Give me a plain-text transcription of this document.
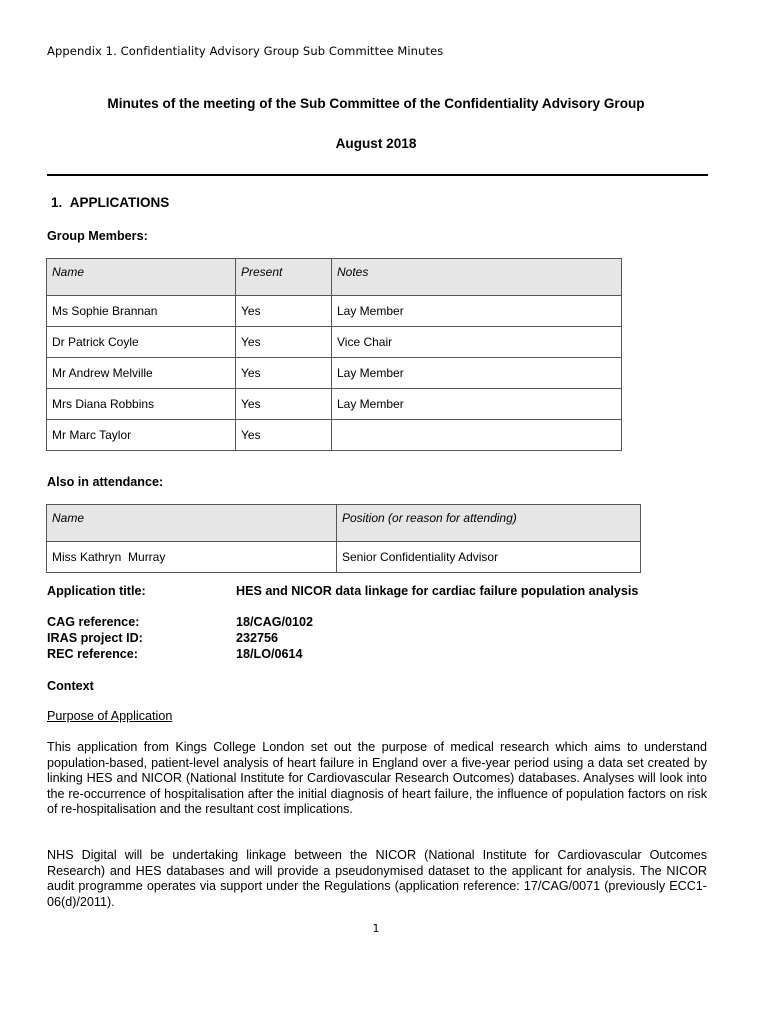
Appendix 1. Confidentiality Advisory Group Sub Committee Minutes
Minutes of the meeting of the Sub Committee of the Confidentiality Advisory Group
August 2018
1.  APPLICATIONS
Group Members:
Name	Present	Notes
Ms Sophie Brannan	Yes	Lay Member
Dr Patrick Coyle	Yes	Vice Chair
Mr Andrew Melville	Yes	Lay Member
Mrs Diana Robbins	Yes	Lay Member
Mr Marc Taylor	Yes	
Also in attendance:
Name	Position (or reason for attending)
Miss Kathryn  Murray	Senior Confidentiality Advisor
Application title:	HES and NICOR data linkage for cardiac failure population analysis
CAG reference:	18/CAG/0102
IRAS project ID:	232756
REC reference:	18/LO/0614
Context
Purpose of Application
This application from Kings College London set out the purpose of medical research which aims to understand population-based, patient-level analysis of heart failure in England over a five-year period using a data set created by linking HES and NICOR (National Institute for Cardiovascular Research Outcomes) databases. Analyses will look into the re-occurrence of hospitalisation after the initial diagnosis of heart failure, the influence of population factors on risk of re-hospitalisation and the resultant cost implications.
NHS Digital will be undertaking linkage between the NICOR (National Institute for Cardiovascular Outcomes Research) and HES databases and will provide a pseudonymised dataset to the applicant for analysis. The NICOR audit programme operates via support under the Regulations (application reference: 17/CAG/0071 (previously ECC1-06(d)/2011).
1
